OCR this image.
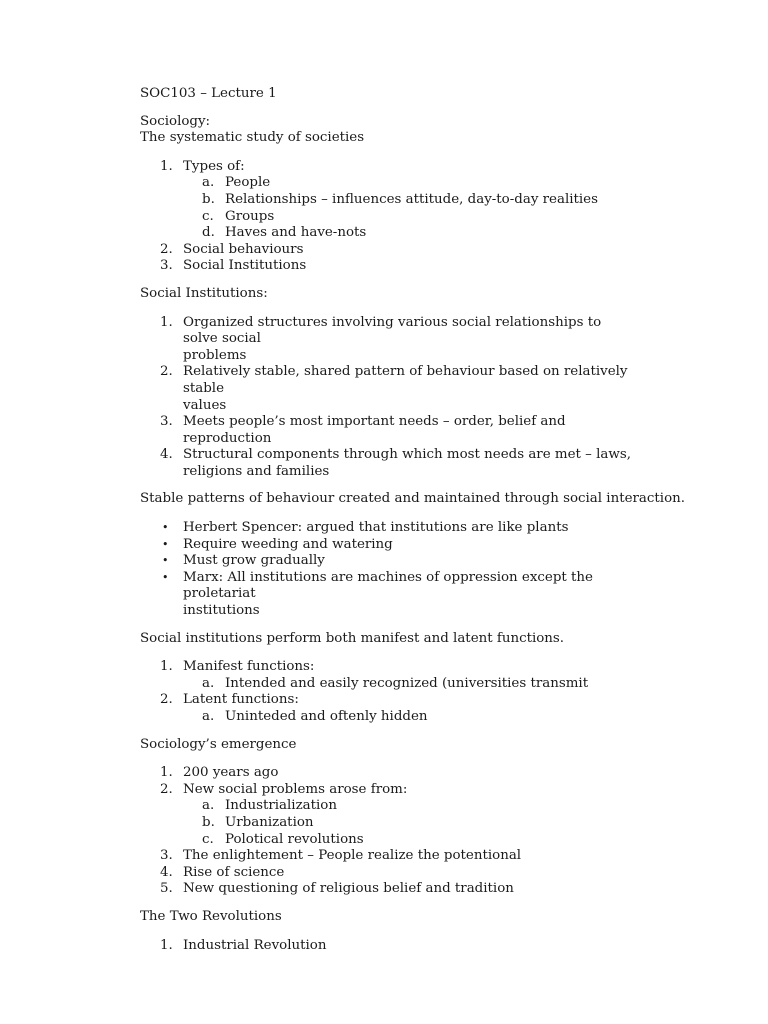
SOC103 – Lecture 1

Sociology:

The systematic study of societies

1. Types of:
a. People
b. Relationships – influences attitude, day-to-day realities
c. Groups
d. Haves and have-nots
2. Social behaviours
3. Social Institutions

Social Institutions:

1. Organized structures involving various social relationships to solve social
problems
2. Relatively stable, shared pattern of behaviour based on relatively stable
values
3. Meets people’s most important needs – order, belief and reproduction
4. Structural components through which most needs are met – laws,
religions and families

Stable patterns of behaviour created and maintained through social interaction.

• Herbert Spencer: argued that institutions are like plants
• Require weeding and watering
• Must grow gradually
• Marx: All institutions are machines of oppression except the proletariat
institutions

Social institutions perform both manifest and latent functions.

1. Manifest functions:
a. Intended and easily recognized (universities transmit
2. Latent functions:
a. Uninteded and oftenly hidden

Sociology’s emergence

1. 200 years ago
2. New social problems arose from:
a. Industrialization
b. Urbanization
c. Polotical revolutions
3. The enlightement – People realize the potentional
4. Rise of science
5. New questioning of religious belief and tradition

The Two Revolutions

1. Industrial Revolution
